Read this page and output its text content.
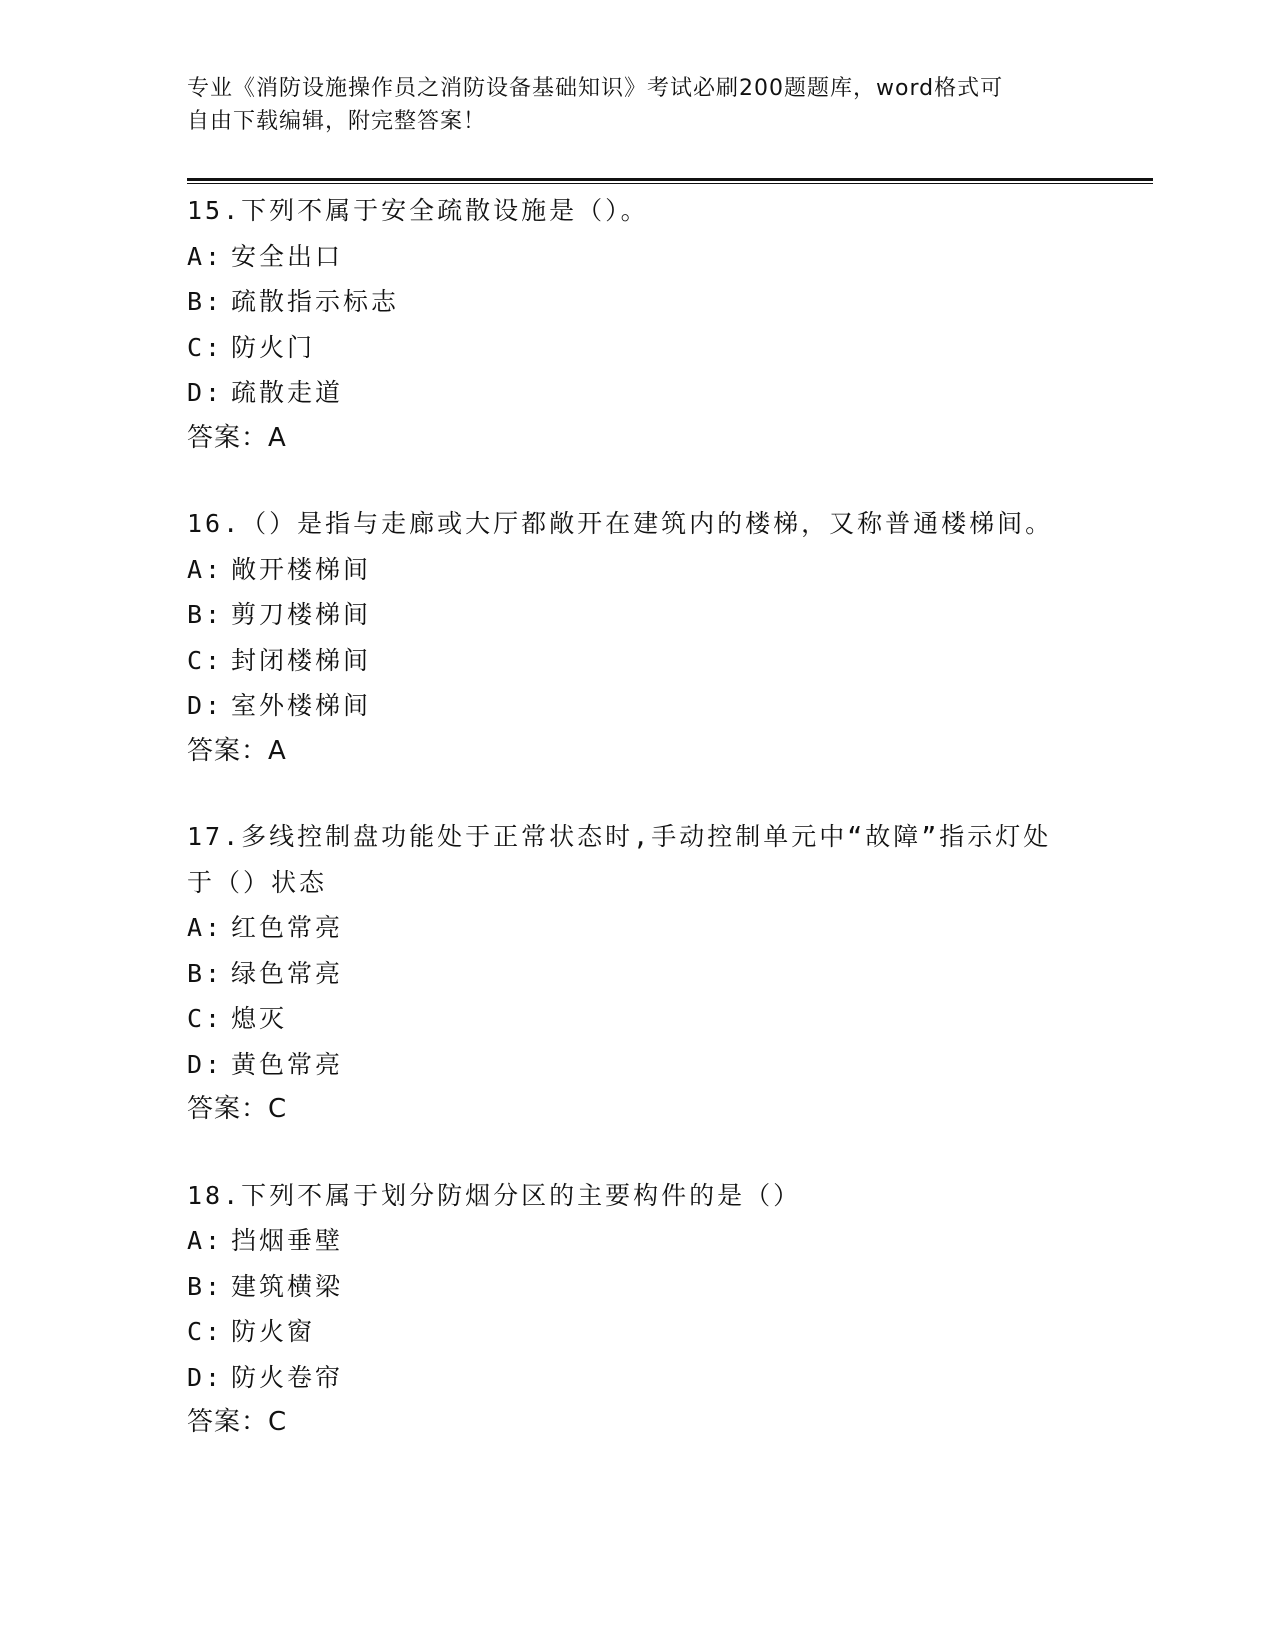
专业《消防设施操作员之消防设备基础知识》考试必刷200题题库，word格式可
自由下载编辑，附完整答案！
15.下列不属于安全疏散设施是（）。
A: 安全出口
B: 疏散指示标志
C: 防火门
D: 疏散走道
答案：A
16.（）是指与走廊或大厅都敞开在建筑内的楼梯，又称普通楼梯间。
A: 敞开楼梯间
B: 剪刀楼梯间
C: 封闭楼梯间
D: 室外楼梯间
答案：A
17.多线控制盘功能处于正常状态时,手动控制单元中“故障”指示灯处于（）状态
A: 红色常亮
B: 绿色常亮
C: 熄灭
D: 黄色常亮
答案：C
18.下列不属于划分防烟分区的主要构件的是（）
A: 挡烟垂壁
B: 建筑横梁
C: 防火窗
D: 防火卷帘
答案：C
